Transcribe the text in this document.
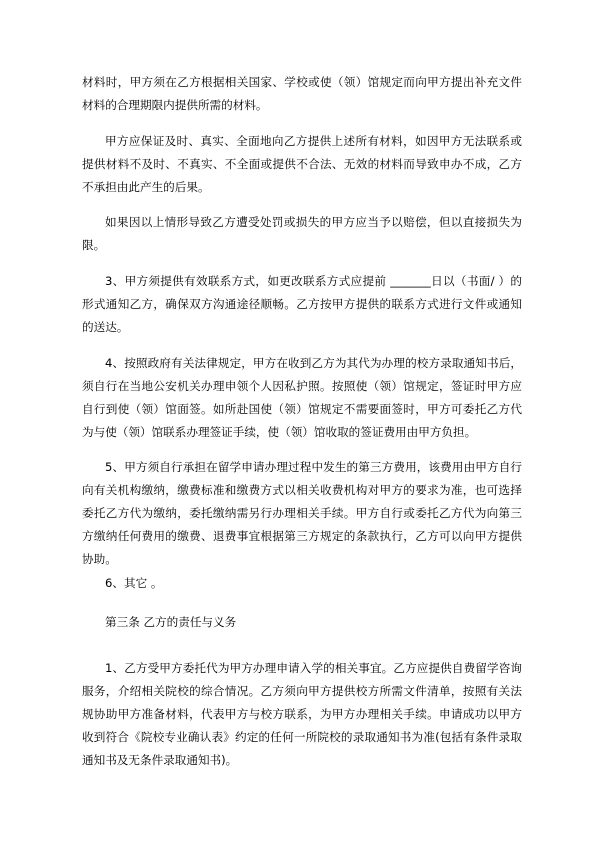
材料时，甲方须在乙方根据相关国家、学校或使（领）馆规定而向甲方提出补充文件材料的合理期限内提供所需的材料。

甲方应保证及时、真实、全面地向乙方提供上述所有材料，如因甲方无法联系或提供材料不及时、不真实、不全面或提供不合法、无效的材料而导致申办不成，乙方不承担由此产生的后果。

如果因以上情形导致乙方遭受处罚或损失的甲方应当予以赔偿，但以直接损失为限。

3、甲方须提供有效联系方式，如更改联系方式应提前 _______日以（书面/ ）的形式通知乙方，确保双方沟通途径顺畅。乙方按甲方提供的联系方式进行文件或通知的送达。

4、按照政府有关法律规定，甲方在收到乙方为其代为办理的校方录取通知书后，须自行在当地公安机关办理申领个人因私护照。按照使（领）馆规定，签证时甲方应自行到使（领）馆面签。如所赴国使（领）馆规定不需要面签时，甲方可委托乙方代为与使（领）馆联系办理签证手续，使（领）馆收取的签证费用由甲方负担。

5、甲方须自行承担在留学申请办理过程中发生的第三方费用，该费用由甲方自行向有关机构缴纳，缴费标准和缴费方式以相关收费机构对甲方的要求为准，也可选择委托乙方代为缴纳，委托缴纳需另行办理相关手续。甲方自行或委托乙方代为向第三方缴纳任何费用的缴费、退费事宜根据第三方规定的条款执行，乙方可以向甲方提供协助。

6、其它 。

第三条 乙方的责任与义务

1、乙方受甲方委托代为甲方办理申请入学的相关事宜。乙方应提供自费留学咨询服务，介绍相关院校的综合情况。乙方须向甲方提供校方所需文件清单，按照有关法规协助甲方准备材料，代表甲方与校方联系，为甲方办理相关手续。申请成功以甲方收到符合《院校专业确认表》约定的任何一所院校的录取通知书为准(包括有条件录取通知书及无条件录取通知书)。
